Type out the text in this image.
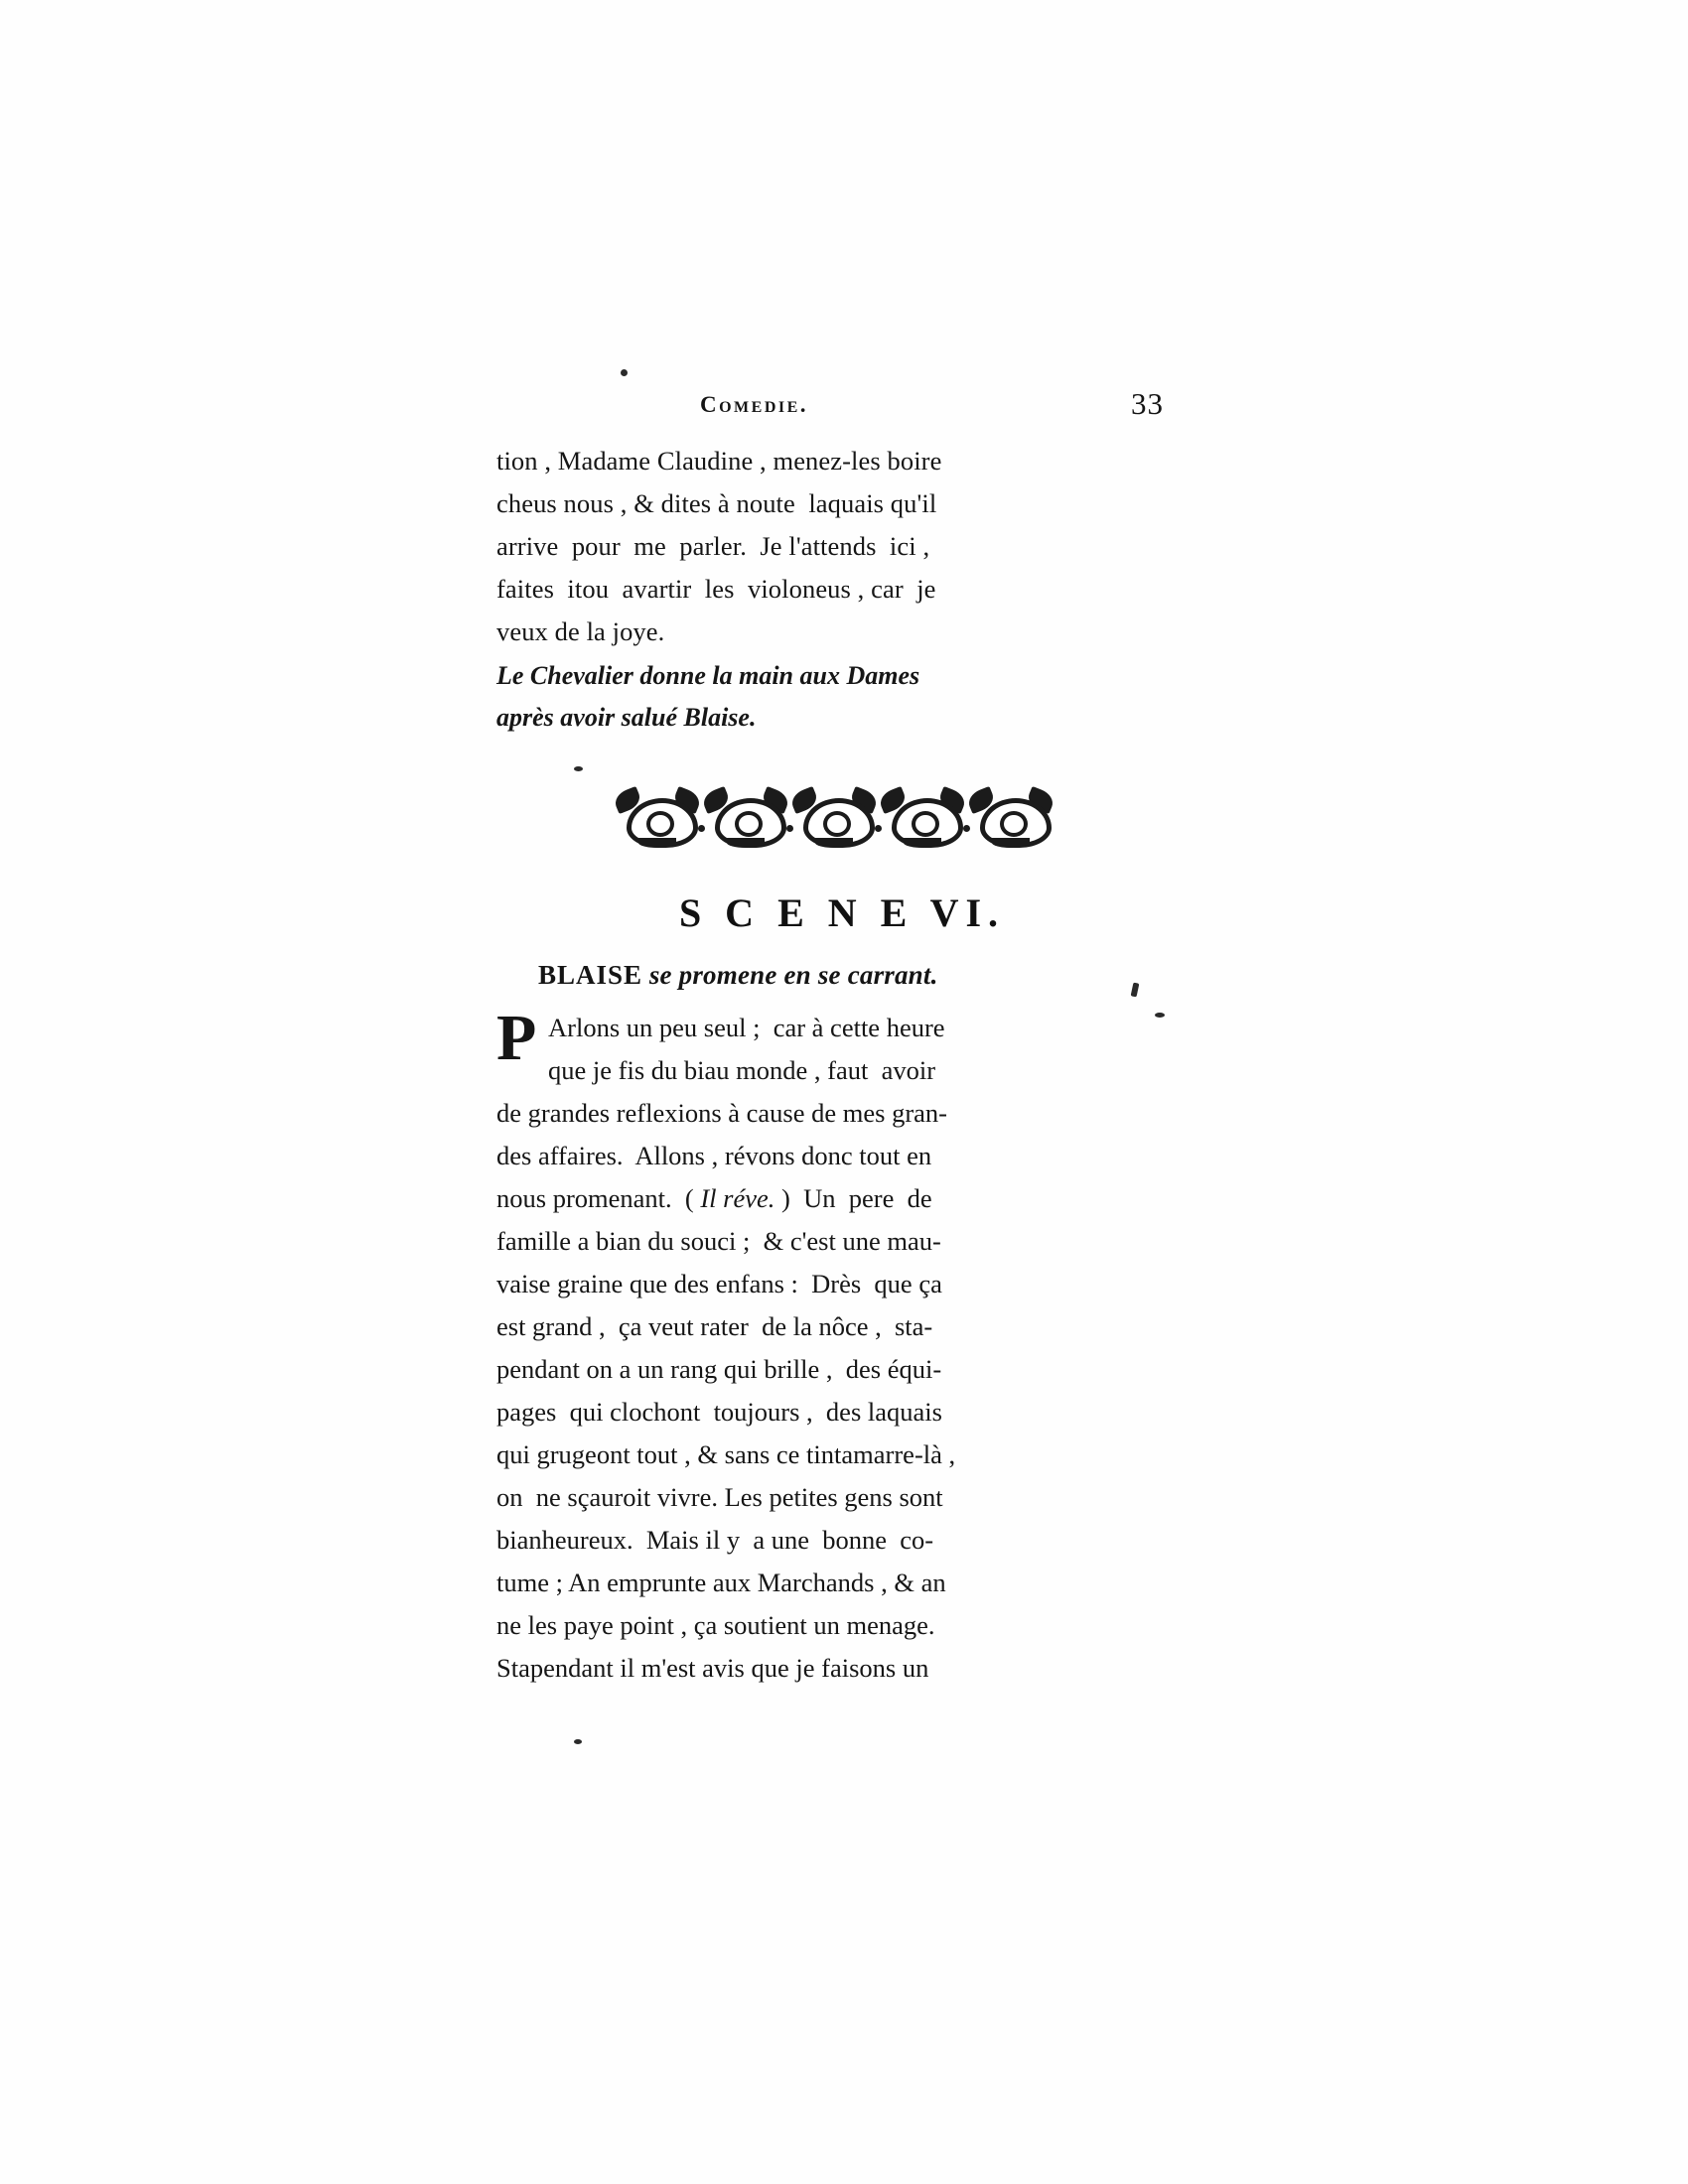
Comedie.	33
tion , Madame Claudine , menez-les boire
cheus nous , & dites à noute  laquais qu'il
arrive  pour  me  parler.  Je l'attends  ici ,
faites  itou  avartir  les  violoneus , car  je
veux de la joye.
Le Chevalier donne la main aux Dames
après avoir salué Blaise.
S C E N E VI.
BLAISE se promene en se carrant.
P Arlons un peu seul ;  car à cette heure
que je fis du biau monde , faut  avoir
de grandes reflexions à cause de mes gran-
des affaires.  Allons , révons donc tout en
nous promenant.  ( Il réve. )  Un  pere  de
famille a bian du souci ;  & c'est une mau-
vaise graine que des enfans :  Drès  que ça
est grand ,  ça veut rater  de la nôce ,  sta-
pendant on a un rang qui brille ,  des équi-
pages  qui clochont  toujours ,  des laquais
qui grugeont tout , & sans ce tintamarre-là ,
on  ne sçauroit vivre. Les petites gens sont
bianheureux.  Mais il y  a une  bonne  co-
tume ; An emprunte aux Marchands , & an
ne les paye point , ça soutient un menage.
Stapendant il m'est avis que je faisons un
